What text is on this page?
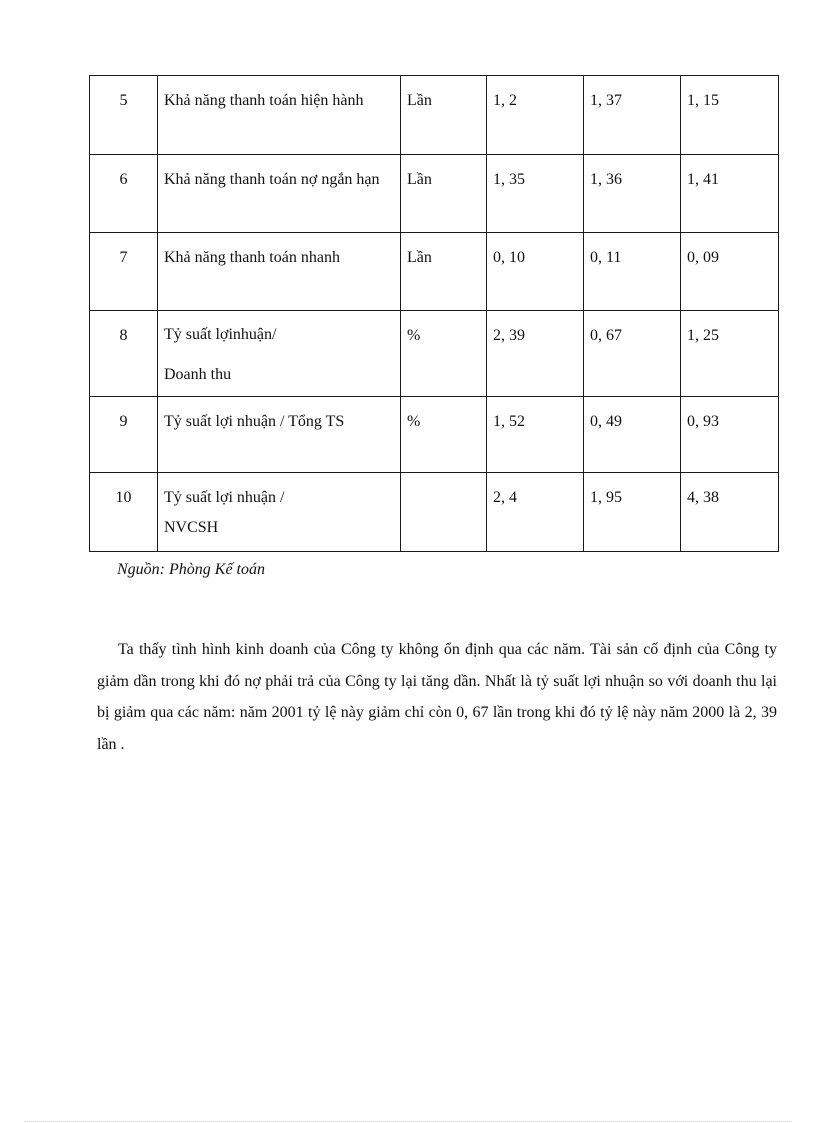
5	Khả năng thanh toán hiện hành	Lần	1, 2	1, 37	1, 15
6	Khả năng thanh toán nợ ngắn hạn	Lần	1, 35	1, 36	1, 41
7	Khả năng thanh toán nhanh	Lần	0, 10	0, 11	0, 09
8	Tỷ suất lợinhuận/
Doanh thu	%	2, 39	0, 67	1, 25
9	Tỷ suất lợi nhuận / Tổng TS	%	1, 52	0, 49	0, 93
10	Tỷ suất lợi nhuận /
NVCSH		2, 4	1, 95	4, 38
Nguồn: Phòng Kế toán

Ta thấy tình hình kinh doanh của Công ty không ổn định qua các năm. Tài sản cố định của Công ty giảm dần trong khi đó nợ phải trả của Công ty lại tăng dần. Nhất là tỷ suất lợi nhuận so với doanh thu lại bị giảm qua các năm: năm 2001 tỷ lệ này giảm chỉ còn 0, 67 lần trong khi đó tỷ lệ này năm 2000 là 2, 39 lần .
